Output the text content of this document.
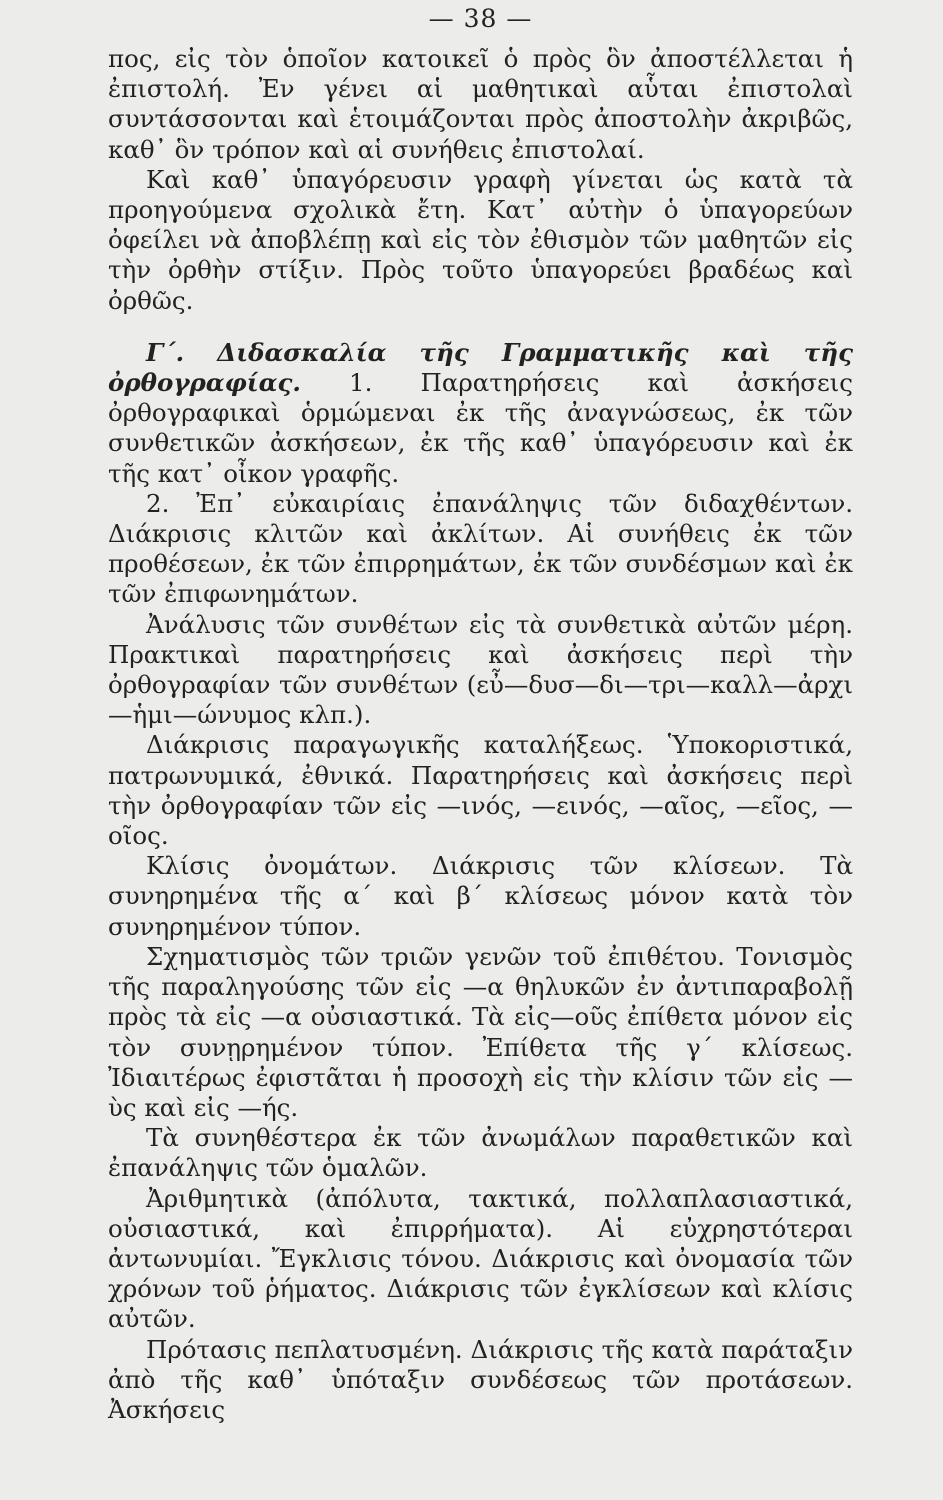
— 38 —

πος, εἰς τὸν ὁποῖον κατοικεῖ ὁ πρὸς ὃν ἀποστέλλεται ἡ ἐπιστολή. Ἐν γένει αἱ μαθητικαὶ αὗται ἐπιστολαὶ συντάσσονται καὶ ἑτοιμάζονται πρὸς ἀποστολὴν ἀκριβῶς, καθ᾽ ὃν τρόπον καὶ αἱ συνήθεις ἐπιστολαί.

Καὶ καθ᾽ ὑπαγόρευσιν γραφὴ γίνεται ὡς κατὰ τὰ προηγούμενα σχολικὰ ἔτη. Κατ᾽ αὐτὴν ὁ ὑπαγορεύων ὀφείλει νὰ ἀποβλέπῃ καὶ εἰς τὸν ἐθισμὸν τῶν μαθητῶν εἰς τὴν ὀρθὴν στίξιν. Πρὸς τοῦτο ὑπαγορεύει βραδέως καὶ ὀρθῶς.

Γ΄. Διδασκαλία τῆς Γραμματικῆς καὶ τῆς ὀρθογραφίας. 1. Παρατηρήσεις καὶ ἀσκήσεις ὀρθογραφικαὶ ὁρμώμεναι ἐκ τῆς ἀναγνώσεως, ἐκ τῶν συνθετικῶν ἀσκήσεων, ἐκ τῆς καθ᾽ ὑπαγόρευσιν καὶ ἐκ τῆς κατ᾽ οἶκον γραφῆς.

2. Ἐπ᾽ εὐκαιρίαις ἐπανάληψις τῶν διδαχθέντων. Διάκρισις κλιτῶν καὶ ἀκλίτων. Αἱ συνήθεις ἐκ τῶν προθέσεων, ἐκ τῶν ἐπιρρημάτων, ἐκ τῶν συνδέσμων καὶ ἐκ τῶν ἐπιφωνημάτων.

Ἀνάλυσις τῶν συνθέτων εἰς τὰ συνθετικὰ αὐτῶν μέρη. Πρακτικαὶ παρατηρήσεις καὶ ἀσκήσεις περὶ τὴν ὀρθογραφίαν τῶν συνθέτων (εὖ—δυσ—δι—τρι—καλλ—ἀρχι—ἡμι—ώνυμος κλπ.).

Διάκρισις παραγωγικῆς καταλήξεως. Ὑποκοριστικά, πατρωνυμικά, ἐθνικά. Παρατηρήσεις καὶ ἀσκήσεις περὶ τὴν ὀρθογραφίαν τῶν εἰς —ινός, —εινός, —αῖος, —εῖος, —οῖος.

Κλίσις ὀνομάτων. Διάκρισις τῶν κλίσεων. Τὰ συνηρημένα τῆς α΄ καὶ β΄ κλίσεως μόνον κατὰ τὸν συνηρημένον τύπον.

Σχηματισμὸς τῶν τριῶν γενῶν τοῦ ἐπιθέτου. Τονισμὸς τῆς παραληγούσης τῶν εἰς —α θηλυκῶν ἐν ἀντιπαραβολῇ πρὸς τὰ εἰς —α οὐσιαστικά. Τὰ εἰς—οῦς ἐπίθετα μόνον εἰς τὸν συνῃρημένον τύπον. Ἐπίθετα τῆς γ΄ κλίσεως. Ἰδιαιτέρως ἐφιστᾶται ἡ προσοχὴ εἰς τὴν κλίσιν τῶν εἰς —ὺς καὶ εἰς —ής.

Τὰ συνηθέστερα ἐκ τῶν ἀνωμάλων παραθετικῶν καὶ ἐπανάληψις τῶν ὁμαλῶν.

Ἀριθμητικὰ (ἀπόλυτα, τακτικά, πολλαπλασιαστικά, οὐσιαστικά, καὶ ἐπιρρήματα). Αἱ εὐχρηστότεραι ἀντωνυμίαι. Ἔγκλισις τόνου. Διάκρισις καὶ ὀνομασία τῶν χρόνων τοῦ ῥήματος. Διάκρισις τῶν ἐγκλίσεων καὶ κλίσις αὐτῶν.

Πρότασις πεπλατυσμένη. Διάκρισις τῆς κατὰ παράταξιν ἀπὸ τῆς καθ᾽ ὑπόταξιν συνδέσεως τῶν προτάσεων. Ἀσκήσεις
